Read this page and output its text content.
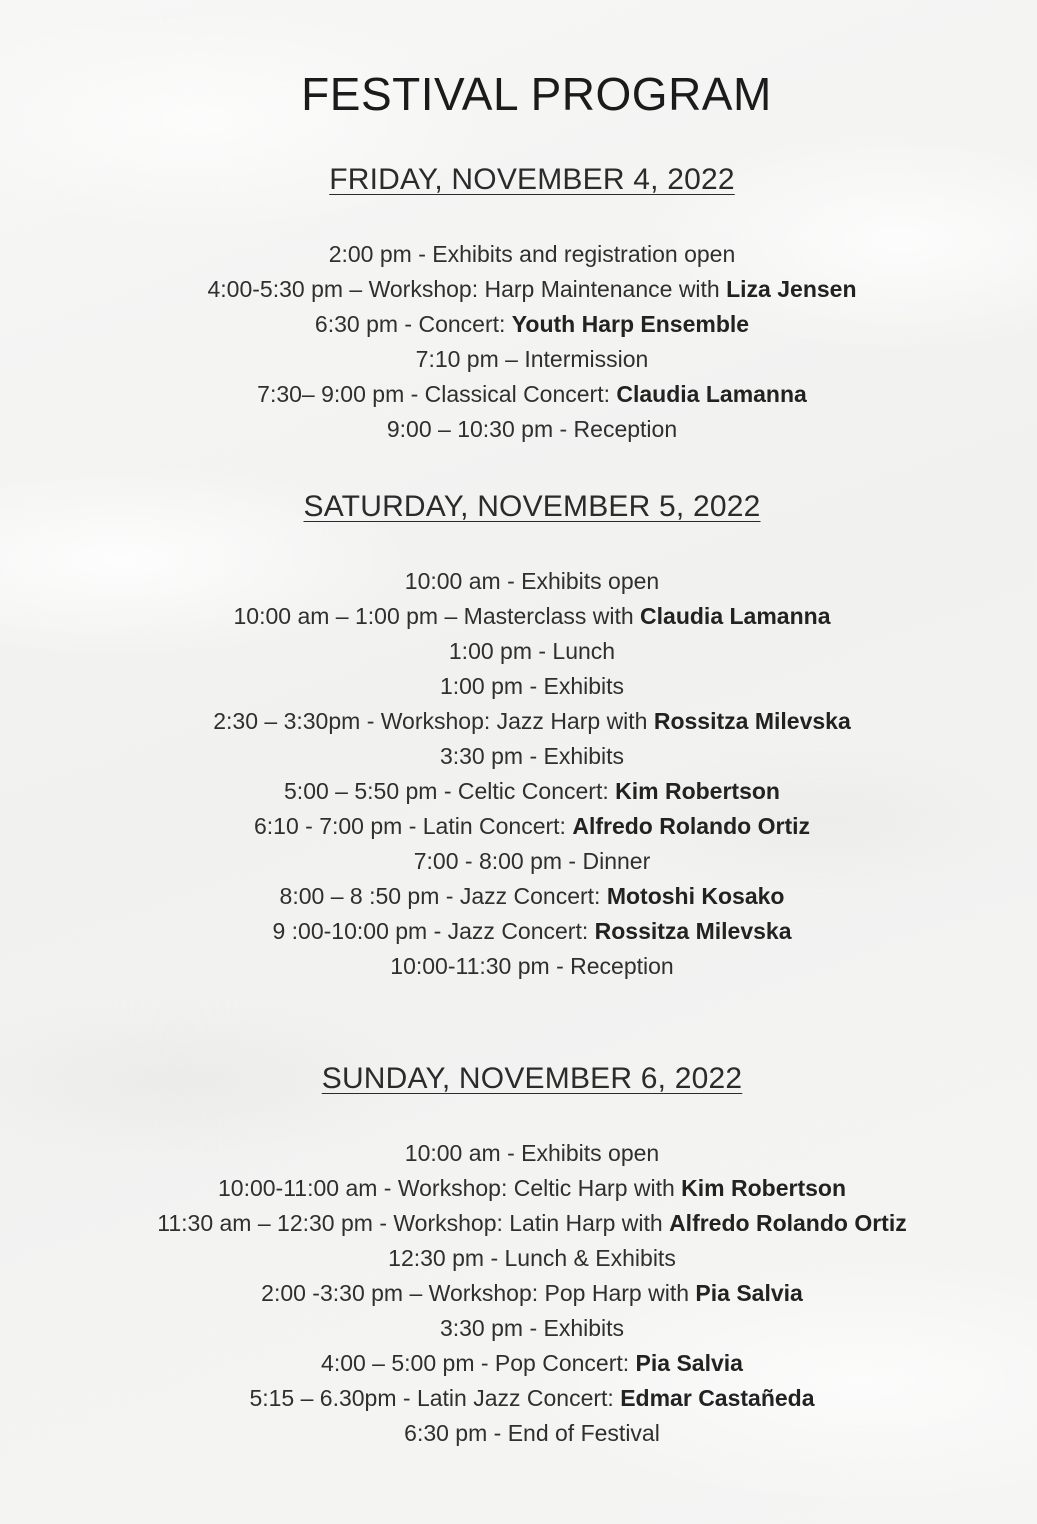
FESTIVAL PROGRAM
FRIDAY, NOVEMBER 4, 2022
2:00 pm - Exhibits and registration open
4:00-5:30 pm – Workshop: Harp Maintenance with Liza Jensen
6:30 pm - Concert: Youth Harp Ensemble
7:10 pm – Intermission
7:30– 9:00 pm - Classical Concert: Claudia Lamanna
9:00 – 10:30 pm - Reception
SATURDAY, NOVEMBER 5, 2022
10:00 am - Exhibits open
10:00 am – 1:00 pm – Masterclass with Claudia Lamanna
1:00 pm - Lunch
1:00 pm - Exhibits
2:30 – 3:30pm - Workshop: Jazz Harp with Rossitza Milevska
3:30 pm - Exhibits
5:00 – 5:50 pm - Celtic Concert: Kim Robertson
6:10 - 7:00 pm - Latin Concert: Alfredo Rolando Ortiz
7:00 - 8:00 pm - Dinner
8:00 – 8 :50 pm - Jazz Concert: Motoshi Kosako
9 :00-10:00 pm - Jazz Concert: Rossitza Milevska
10:00-11:30 pm - Reception
SUNDAY, NOVEMBER 6, 2022
10:00 am - Exhibits open
10:00-11:00 am - Workshop: Celtic Harp with Kim Robertson
11:30 am – 12:30 pm - Workshop: Latin Harp with Alfredo Rolando Ortiz
12:30 pm - Lunch & Exhibits
2:00 -3:30 pm – Workshop: Pop Harp with Pia Salvia
3:30 pm - Exhibits
4:00 – 5:00 pm - Pop Concert: Pia Salvia
5:15 – 6.30pm - Latin Jazz Concert: Edmar Castañeda
6:30 pm - End of Festival
